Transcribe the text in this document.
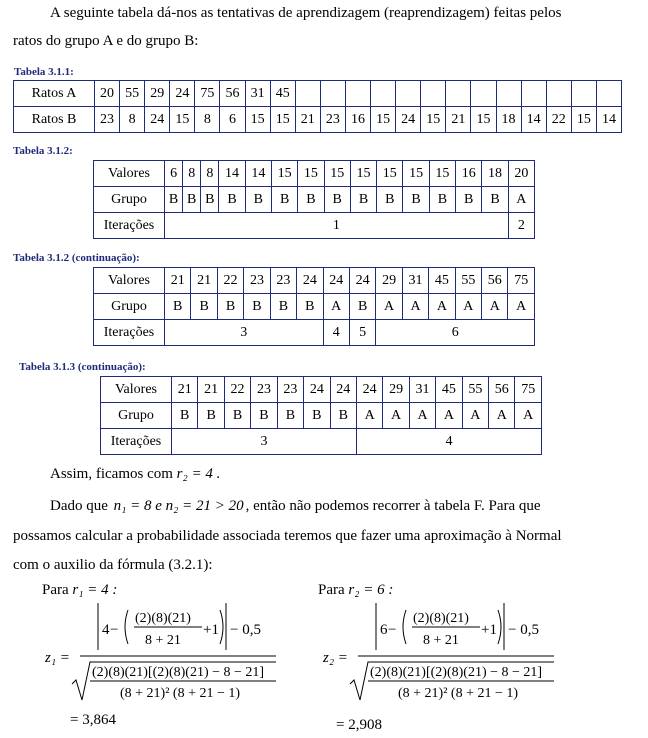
A seguinte tabela dá-nos as tentativas de aprendizagem (reaprendizagem) feitas pelos
ratos do grupo A e do grupo B:
Tabela 3.1.1:
Ratos A	20	55	29	24	75	56	31	45													
Ratos B	23	8	24	15	8	6	15	15	21	23	16	15	24	15	21	15	18	14	22	15	14
Tabela 3.1.2:
Valores	6	8	8	14	14	15	15	15	15	15	15	15	16	18	20
Grupo	B	B	B	B	B	B	B	B	B	B	B	B	B	B	A
Iterações	1														2
Tabela 3.1.2 (continuação):
Valores	21	21	22	23	23	24	24	24	29	31	45	55	56	75
Grupo	B	B	B	B	B	B	A	B	A	A	A	A	A	A
Iterações	3						4	5	6					
Tabela 3.1.3 (continuação):
Valores	21	21	22	23	23	24	24	24	29	31	45	55	56	75
Grupo	B	B	B	B	B	B	B	A	A	A	A	A	A	A
Iterações	3							4						
Assim, ficamos com r₂ = 4 .
Dado que n₁ = 8 e n₂ = 21 > 20 , então não podemos recorrer à tabela F. Para que
possamos calcular a probabilidade associada teremos que fazer uma aproximação à Normal
com o auxilio da fórmula (3.2.1):
Para r₁ = 4 :	Para r₂ = 6 :
z₁ =
4 −
(2)(8)(21)
8 + 21
+1 − 0,5
(2)(8)(21)[(2)(8)(21) − 8 − 21]
(8 + 21)² (8 + 21 − 1)
= 3,864
z₂ =
6 −
(2)(8)(21)
8 + 21
+1 − 0,5
(2)(8)(21)[(2)(8)(21) − 8 − 21]
(8 + 21)² (8 + 21 − 1)
= 2,908
